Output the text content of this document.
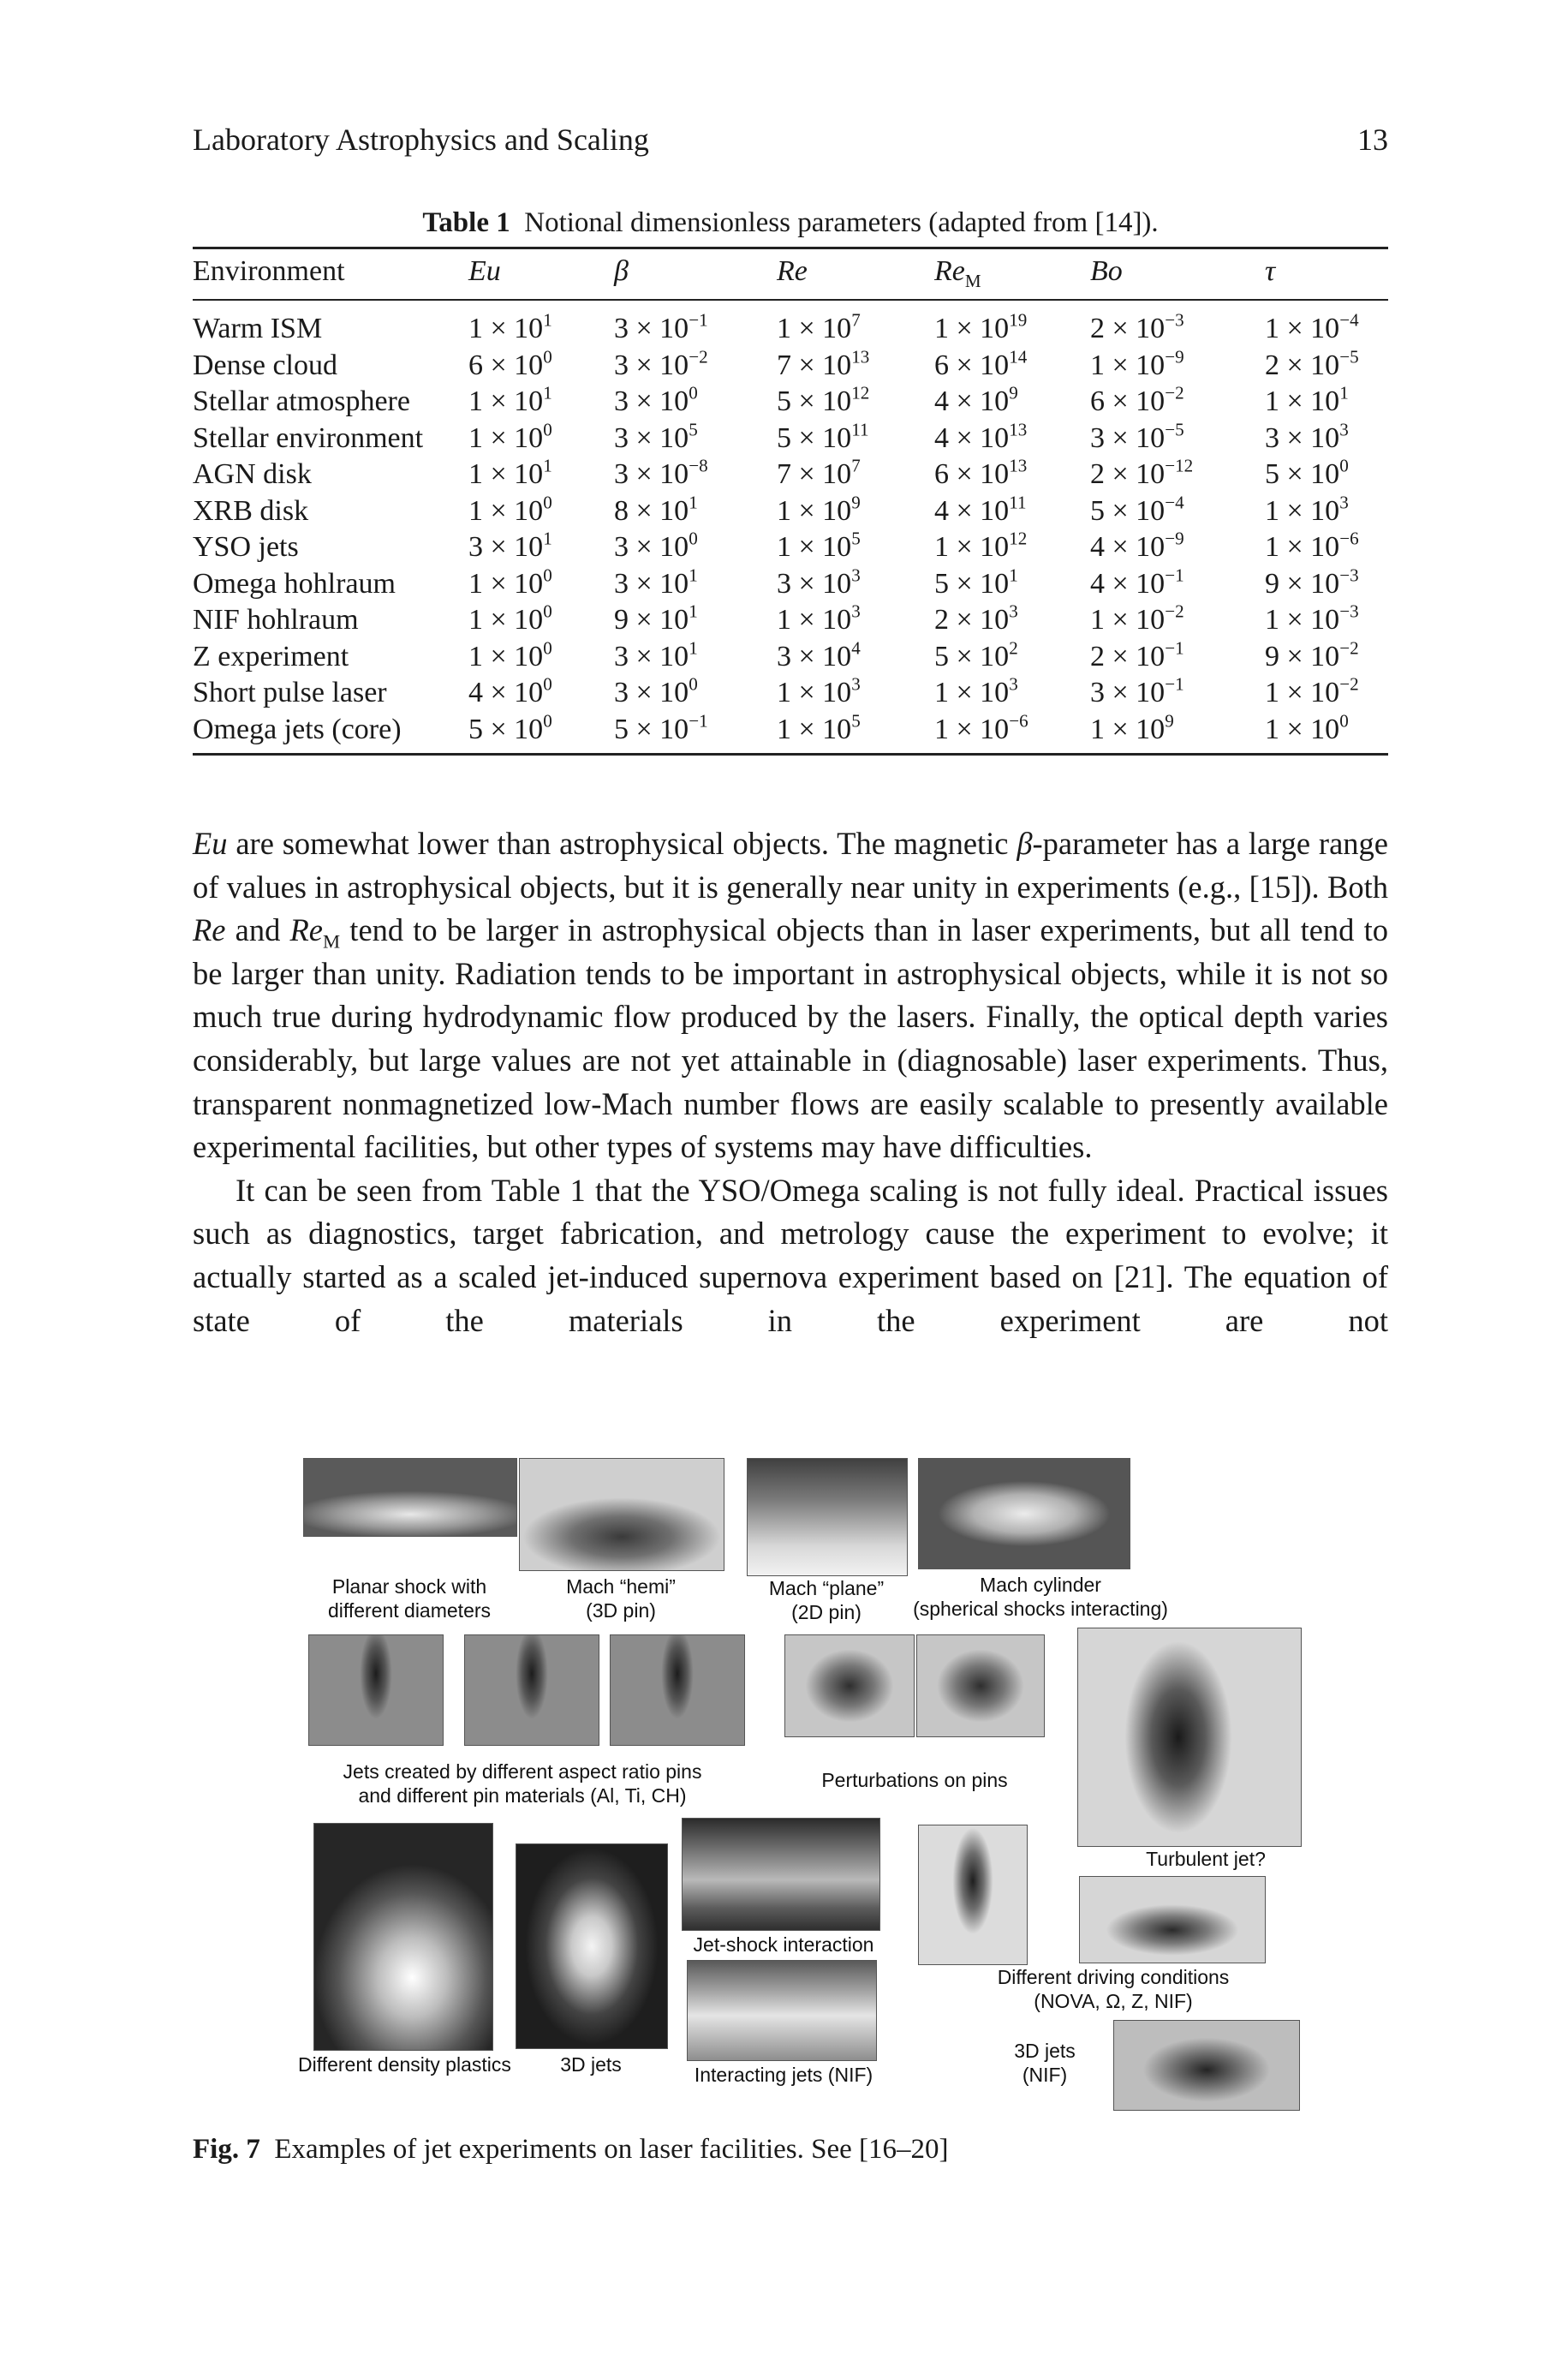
Laboratory Astrophysics and Scaling	13
Table 1 Notional dimensionless parameters (adapted from [14]).
Environment	Eu	β	Re	$Re_M$	Bo	τ
Warm ISM	$1 \times 10^1$	$3 \times 10^{-1}$	$1 \times 10^7$	$1 \times 10^{19}$	$2 \times 10^{-3}$	$1 \times 10^{-4}$
Dense cloud	$6 \times 10^0$	$3 \times 10^{-2}$	$7 \times 10^{13}$	$6 \times 10^{14}$	$1 \times 10^{-9}$	$2 \times 10^{-5}$
Stellar atmosphere	$1 \times 10^1$	$3 \times 10^0$	$5 \times 10^{12}$	$4 \times 10^9$	$6 \times 10^{-2}$	$1 \times 10^1$
Stellar environment	$1 \times 10^0$	$3 \times 10^5$	$5 \times 10^{11}$	$4 \times 10^{13}$	$3 \times 10^{-5}$	$3 \times 10^3$
AGN disk	$1 \times 10^1$	$3 \times 10^{-8}$	$7 \times 10^7$	$6 \times 10^{13}$	$2 \times 10^{-12}$	$5 \times 10^0$
XRB disk	$1 \times 10^0$	$8 \times 10^1$	$1 \times 10^9$	$4 \times 10^{11}$	$5 \times 10^{-4}$	$1 \times 10^3$
YSO jets	$3 \times 10^1$	$3 \times 10^0$	$1 \times 10^5$	$1 \times 10^{12}$	$4 \times 10^{-9}$	$1 \times 10^{-6}$
Omega hohlraum	$1 \times 10^0$	$3 \times 10^1$	$3 \times 10^3$	$5 \times 10^1$	$4 \times 10^{-1}$	$9 \times 10^{-3}$
NIF hohlraum	$1 \times 10^0$	$9 \times 10^1$	$1 \times 10^3$	$2 \times 10^3$	$1 \times 10^{-2}$	$1 \times 10^{-3}$
Z experiment	$1 \times 10^0$	$3 \times 10^1$	$3 \times 10^4$	$5 \times 10^2$	$2 \times 10^{-1}$	$9 \times 10^{-2}$
Short pulse laser	$4 \times 10^0$	$3 \times 10^0$	$1 \times 10^3$	$1 \times 10^3$	$3 \times 10^{-1}$	$1 \times 10^{-2}$
Omega jets (core)	$5 \times 10^0$	$5 \times 10^{-1}$	$1 \times 10^5$	$1 \times 10^{-6}$	$1 \times 10^9$	$1 \times 10^0$

Eu are somewhat lower than astrophysical objects. The magnetic β-parameter has a large range of values in astrophysical objects, but it is generally near unity in experiments (e.g., [15]). Both Re and $Re_M$ tend to be larger in astrophysical objects than in laser experiments, but all tend to be larger than unity. Radiation tends to be important in astrophysical objects, while it is not so much true during hydrodynamic flow produced by the lasers. Finally, the optical depth varies considerably, but large values are not yet attainable in (diagnosable) laser experiments. Thus, transparent nonmagnetized low-Mach number flows are easily scalable to presently available experimental facilities, but other types of systems may have difficulties.

It can be seen from Table 1 that the YSO/Omega scaling is not fully ideal. Practical issues such as diagnostics, target fabrication, and metrology cause the experiment to evolve; it actually started as a scaled jet-induced supernova experiment based on [21]. The equation of state of the materials in the experiment are not

Planar shock with
different diameters
Mach “hemi”
(3D pin)
Mach “plane”
(2D pin)
Mach cylinder
(spherical shocks interacting)
Jets created by different aspect ratio pins
and different pin materials (Al, Ti, CH)
Perturbations on pins
Turbulent jet?
Different density plastics	3D jets
Jet-shock interaction
Interacting jets (NIF)
Different driving conditions
(NOVA, Ω, Z, NIF)
3D jets
(NIF)
Fig. 7 Examples of jet experiments on laser facilities. See [16–20]
